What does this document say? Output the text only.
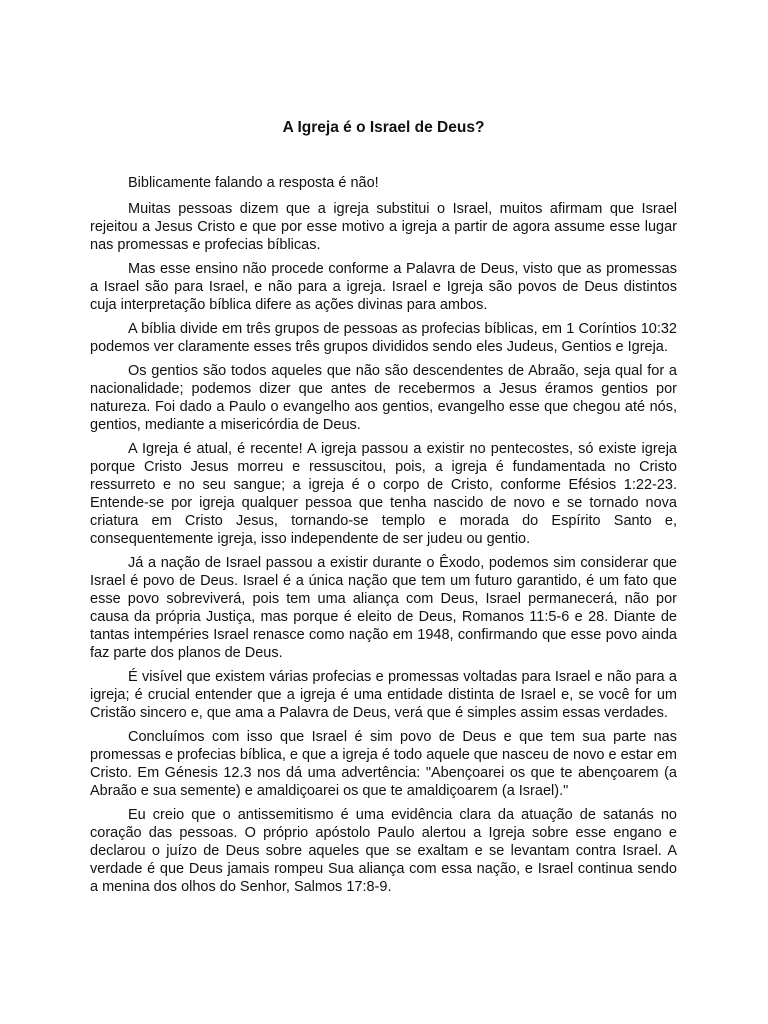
A Igreja é o Israel de Deus?

Biblicamente falando a resposta é não!

Muitas pessoas dizem que a igreja substitui o Israel, muitos afirmam que Israel rejeitou a Jesus Cristo e que por esse motivo a igreja a partir de agora assume esse lugar nas promessas e profecias bíblicas.

Mas esse ensino não procede conforme a Palavra de Deus, visto que as promessas a Israel são para Israel, e não para a igreja. Israel e Igreja são povos de Deus distintos cuja interpretação bíblica difere as ações divinas para ambos.

A bíblia divide em três grupos de pessoas as profecias bíblicas, em 1 Coríntios 10:32 podemos ver claramente esses três grupos divididos sendo eles Judeus, Gentios e Igreja.

Os gentios são todos aqueles que não são descendentes de Abraão, seja qual for a nacionalidade; podemos dizer que antes de recebermos a Jesus éramos gentios por natureza. Foi dado a Paulo o evangelho aos gentios, evangelho esse que chegou até nós, gentios, mediante a misericórdia de Deus.

A Igreja é atual, é recente! A igreja passou a existir no pentecostes, só existe igreja porque Cristo Jesus morreu e ressuscitou, pois, a igreja é fundamentada no Cristo ressurreto e no seu sangue; a igreja é o corpo de Cristo, conforme Efésios 1:22-23. Entende-se por igreja qualquer pessoa que tenha nascido de novo e se tornado nova criatura em Cristo Jesus, tornando-se templo e morada do Espírito Santo e, consequentemente igreja, isso independente de ser judeu ou gentio.

Já a nação de Israel passou a existir durante o Êxodo, podemos sim considerar que Israel é povo de Deus. Israel é a única nação que tem um futuro garantido, é um fato que esse povo sobreviverá, pois tem uma aliança com Deus, Israel permanecerá, não por causa da própria Justiça, mas porque é eleito de Deus, Romanos 11:5-6 e 28. Diante de tantas intempéries Israel renasce como nação em 1948, confirmando que esse povo ainda faz parte dos planos de Deus.

É visível que existem várias profecias e promessas voltadas para Israel e não para a igreja; é crucial entender que a igreja é uma entidade distinta de Israel e, se você for um Cristão sincero e, que ama a Palavra de Deus, verá que é simples assim essas verdades.

Concluímos com isso que Israel é sim povo de Deus e que tem sua parte nas promessas e profecias bíblica, e que a igreja é todo aquele que nasceu de novo e estar em Cristo. Em Génesis 12.3 nos dá uma advertência: "Abençoarei os que te abençoarem (a Abraão e sua semente) e amaldiçoarei os que te amaldiçoarem (a Israel)."

Eu creio que o antissemitismo é uma evidência clara da atuação de satanás no coração das pessoas. O próprio apóstolo Paulo alertou a Igreja sobre esse engano e declarou o juízo de Deus sobre aqueles que se exaltam e se levantam contra Israel. A verdade é que Deus jamais rompeu Sua aliança com essa nação, e Israel continua sendo a menina dos olhos do Senhor, Salmos 17:8-9.
